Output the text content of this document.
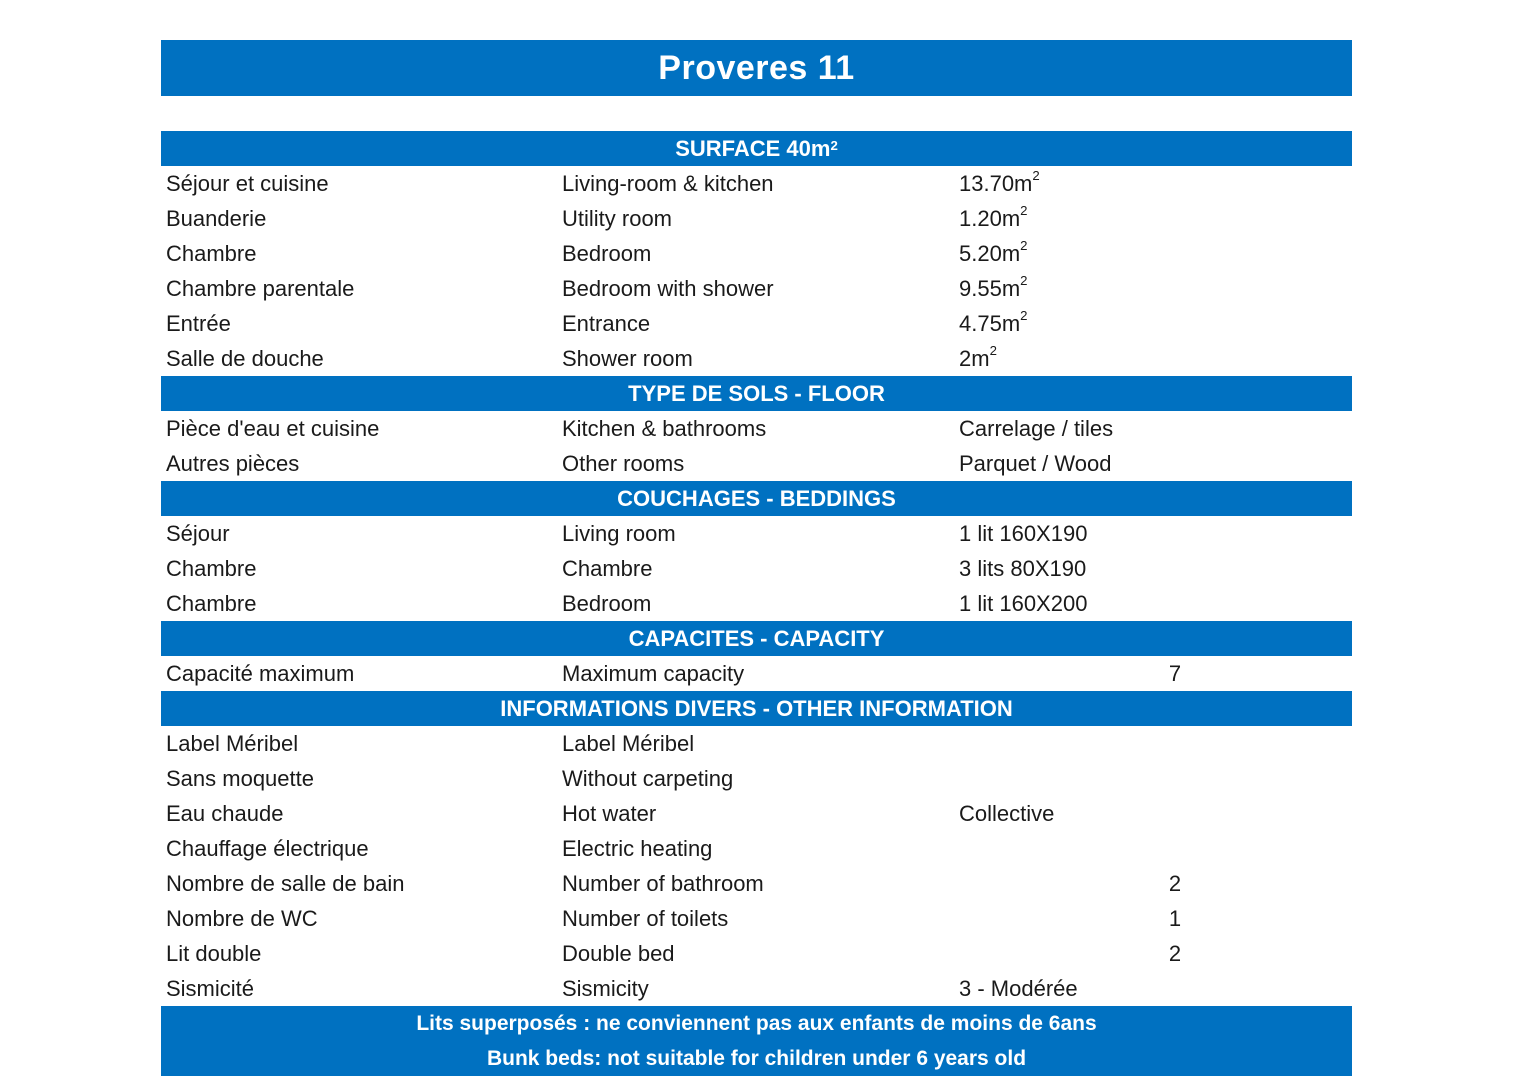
Proveres 11
SURFACE $40m^2$
Séjour et cuisine	Living-room & kitchen	$13.70m^2$
Buanderie	Utility room	$1.20m^2$
Chambre	Bedroom	$5.20m^2$
Chambre parentale	Bedroom with shower	$9.55m^2$
Entrée	Entrance	$4.75m^2$
Salle de douche	Shower room	$2m^2$
TYPE DE SOLS - FLOOR
Pièce d'eau et cuisine	Kitchen & bathrooms	Carrelage / tiles
Autres pièces	Other rooms	Parquet / Wood
COUCHAGES - BEDDINGS
Séjour	Living room	1 lit 160X190
Chambre	Chambre	3 lits 80X190
Chambre	Bedroom	1 lit 160X200
CAPACITES - CAPACITY
Capacité maximum	Maximum capacity	7
INFORMATIONS DIVERS - OTHER INFORMATION
Label Méribel	Label Méribel
Sans moquette	Without carpeting
Eau chaude	Hot water	Collective
Chauffage électrique	Electric heating
Nombre de salle de bain	Number of bathroom	2
Nombre de WC	Number of toilets	1
Lit double	Double bed	2
Sismicité	Sismicity	3 - Modérée
Lits superposés : ne conviennent pas aux enfants de moins de 6ans
Bunk beds: not suitable for children under 6 years old
